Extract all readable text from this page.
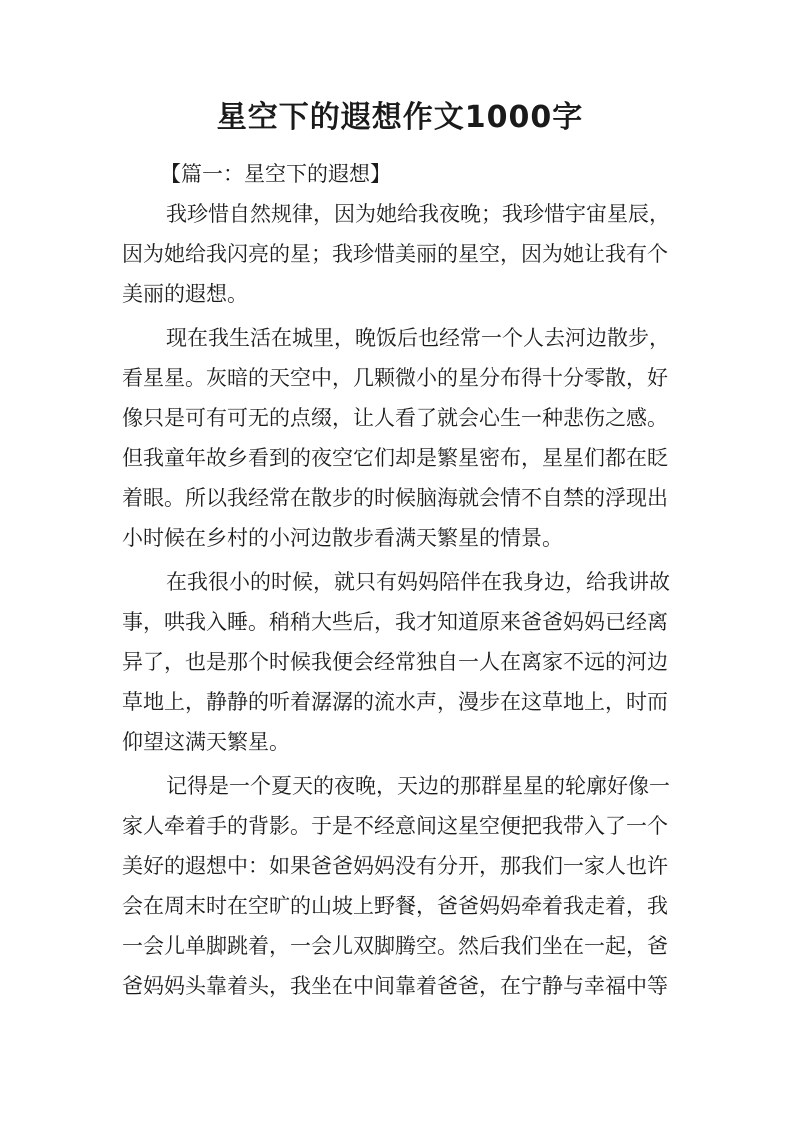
星空下的遐想作文1000字

【篇一：星空下的遐想】

我珍惜自然规律，因为她给我夜晚；我珍惜宇宙星辰，
因为她给我闪亮的星；我珍惜美丽的星空，因为她让我有个
美丽的遐想。
现在我生活在城里，晚饭后也经常一个人去河边散步，
看星星。灰暗的天空中，几颗微小的星分布得十分零散，好
像只是可有可无的点缀，让人看了就会心生一种悲伤之感。
但我童年故乡看到的夜空它们却是繁星密布，星星们都在眨
着眼。所以我经常在散步的时候脑海就会情不自禁的浮现出
小时候在乡村的小河边散步看满天繁星的情景。
在我很小的时候，就只有妈妈陪伴在我身边，给我讲故
事，哄我入睡。稍稍大些后，我才知道原来爸爸妈妈已经离
异了，也是那个时候我便会经常独自一人在离家不远的河边
草地上，静静的听着潺潺的流水声，漫步在这草地上，时而
仰望这满天繁星。
记得是一个夏天的夜晚，天边的那群星星的轮廓好像一
家人牵着手的背影。于是不经意间这星空便把我带入了一个
美好的遐想中：如果爸爸妈妈没有分开，那我们一家人也许
会在周末时在空旷的山坡上野餐，爸爸妈妈牵着我走着，我
一会儿单脚跳着，一会儿双脚腾空。然后我们坐在一起，爸
爸妈妈头靠着头，我坐在中间靠着爸爸，在宁静与幸福中等
